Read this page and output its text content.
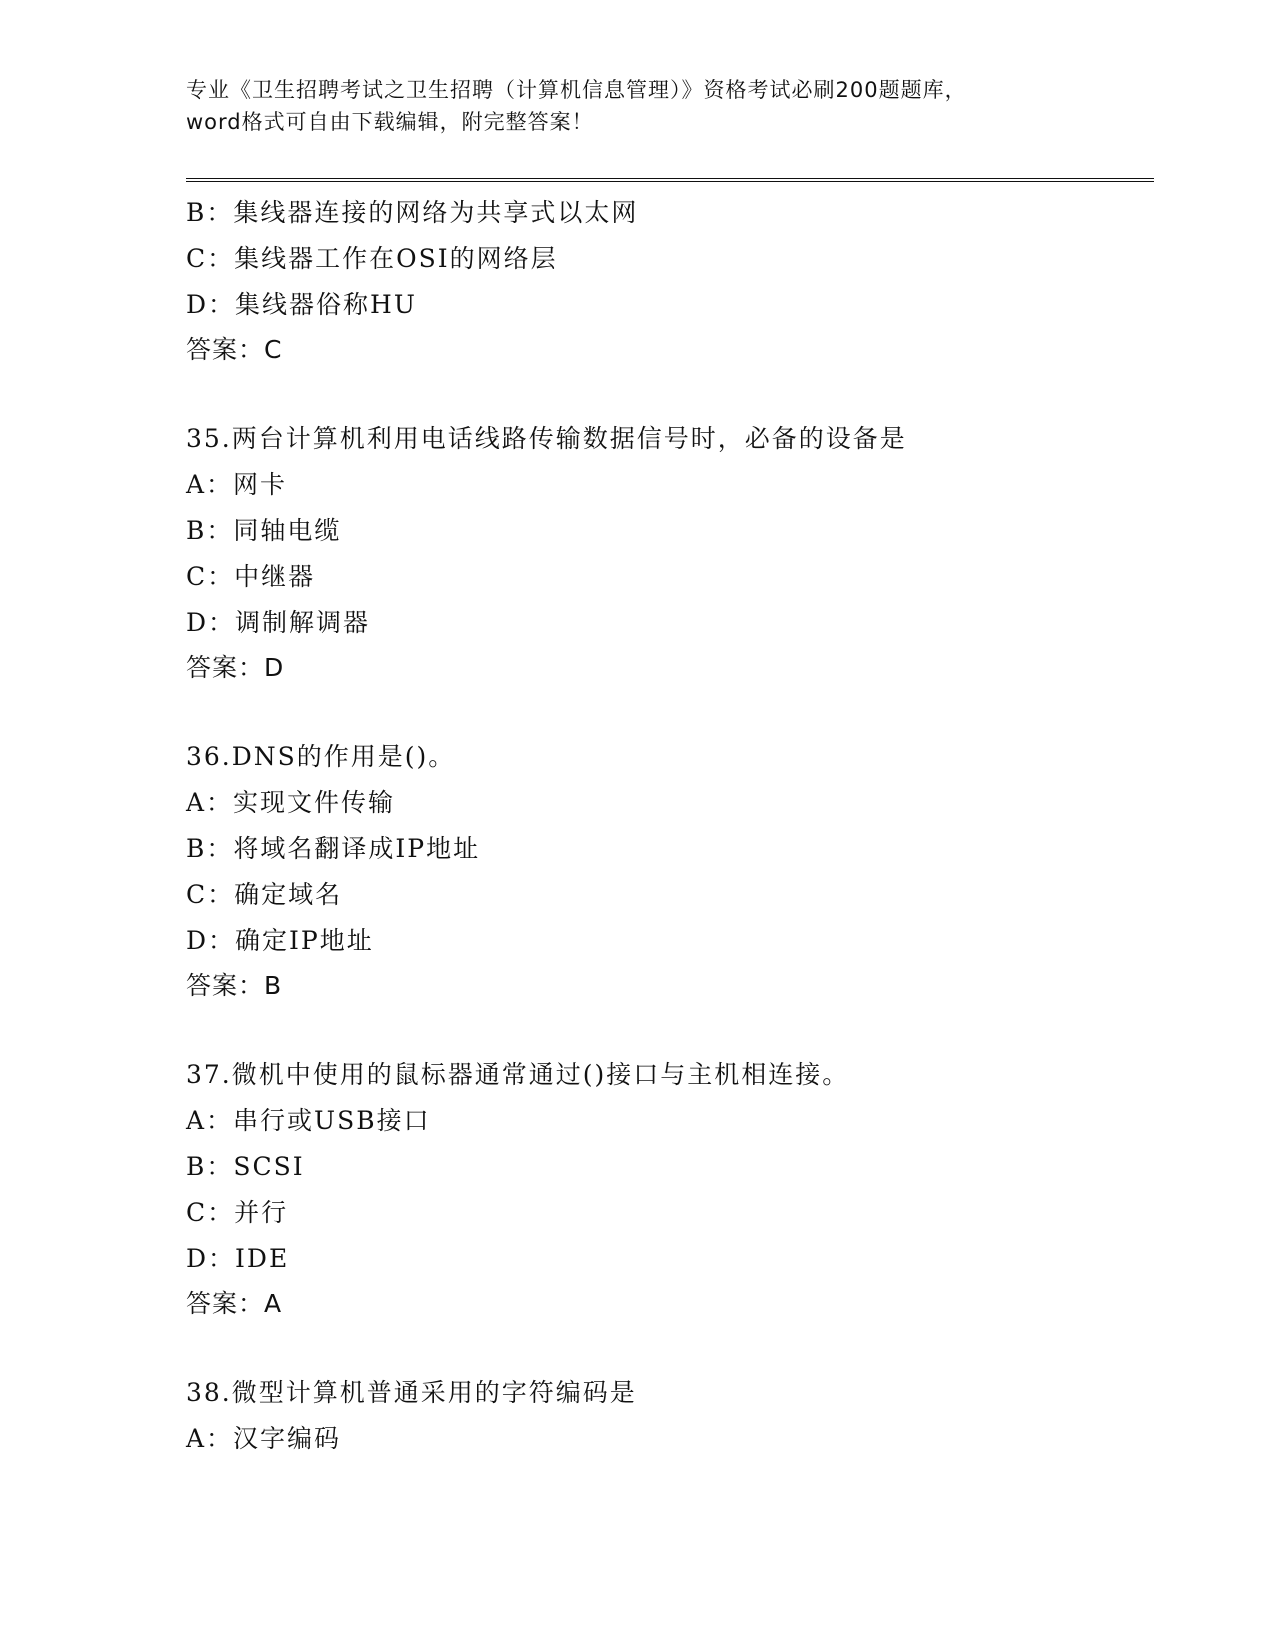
专业《卫生招聘考试之卫生招聘（计算机信息管理）》资格考试必刷200题题库，
word格式可自由下载编辑，附完整答案！
B：集线器连接的网络为共享式以太网
C：集线器工作在OSI的网络层
D：集线器俗称HU
答案：C
35.两台计算机利用电话线路传输数据信号时，必备的设备是
A：网卡
B：同轴电缆
C：中继器
D：调制解调器
答案：D
36.DNS的作用是()。
A：实现文件传输
B：将域名翻译成IP地址
C：确定域名
D：确定IP地址
答案：B
37.微机中使用的鼠标器通常通过()接口与主机相连接。
A：串行或USB接口
B：SCSI
C：并行
D：IDE
答案：A
38.微型计算机普通采用的字符编码是
A：汉字编码
